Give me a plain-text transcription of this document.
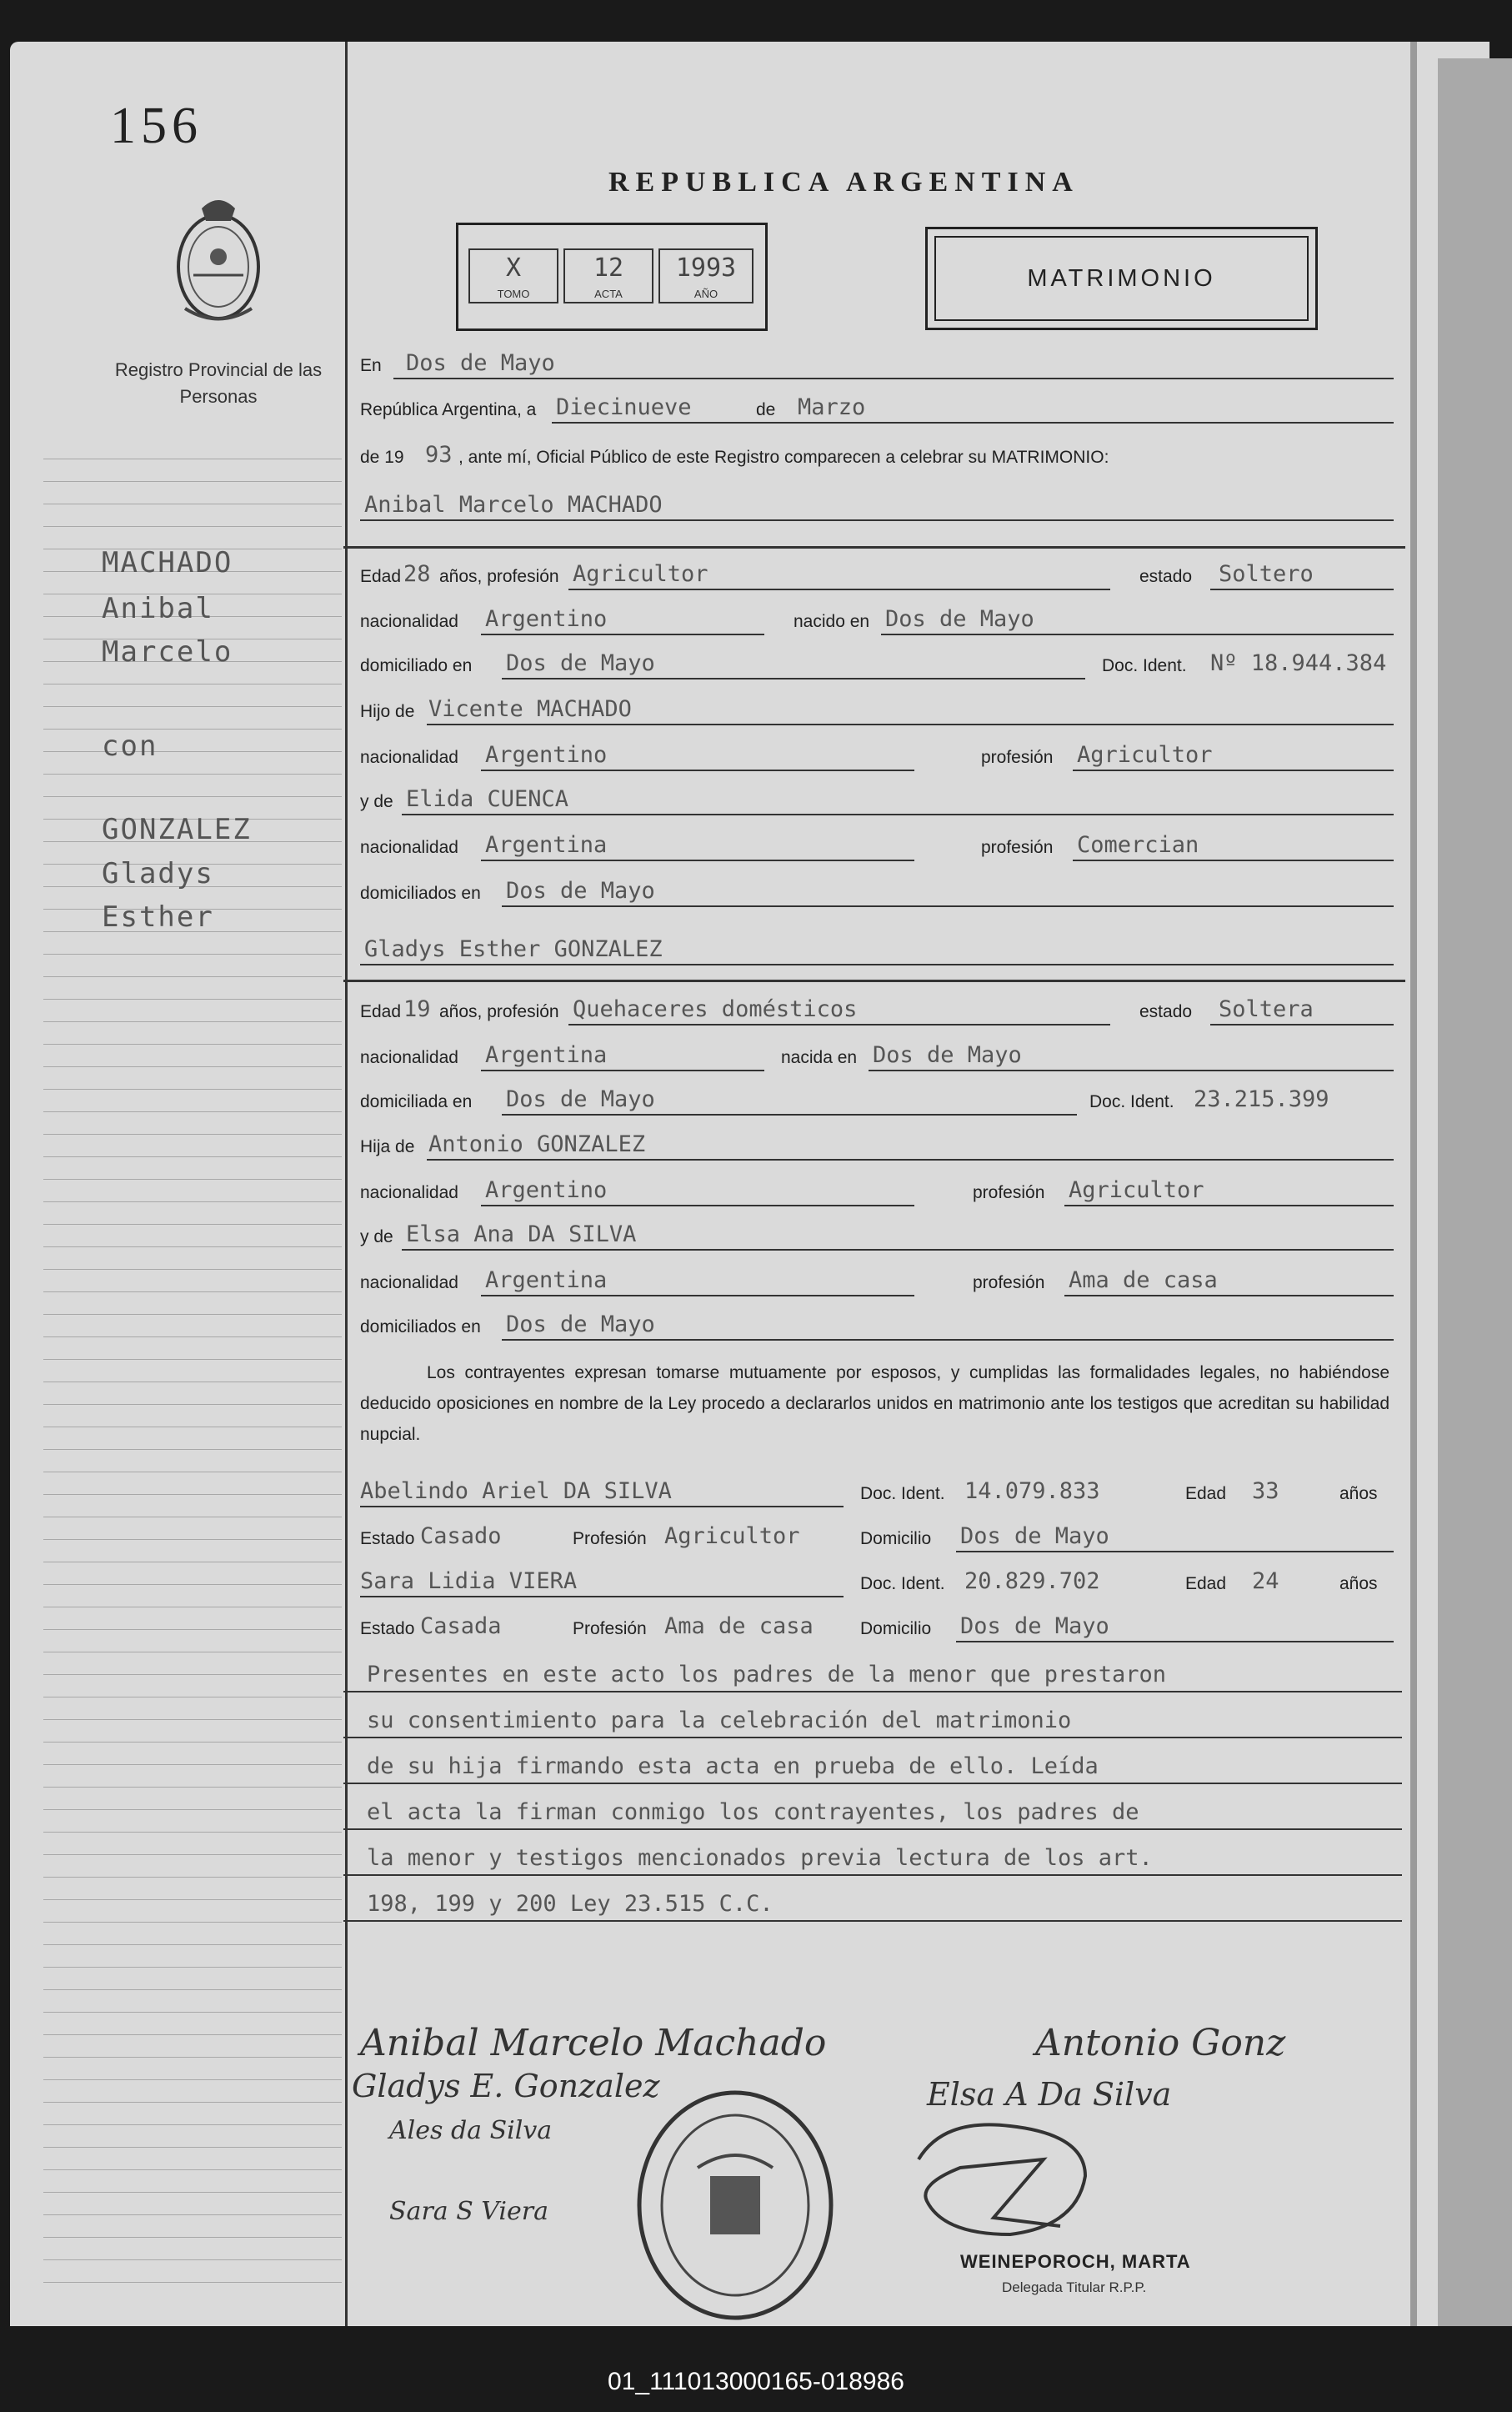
156
Registro Provincial de las Personas
MACHADO
Anibal
Marcelo
con
GONZALEZ
Gladys
Esther
REPUBLICA ARGENTINA
X
TOMO
12
ACTA
1993
AÑO
MATRIMONIO
En Dos de Mayo
República Argentina, a Diecinueve	de Marzo
de 19 93 , ante mí, Oficial Público de este Registro comparecen a celebrar su MATRIMONIO:
Anibal Marcelo MACHADO
Edad 28 años, profesión Agricultor	estado Soltero
nacionalidad Argentino	nacido en Dos de Mayo
domiciliado en Dos de Mayo	Doc. Ident. Nº 18.944.384
Hijo de Vicente MACHADO
nacionalidad Argentino	profesión Agricultor
y de Elida CUENCA
nacionalidad Argentina	profesión Comercian
domiciliados en Dos de Mayo
Gladys Esther GONZALEZ
Edad 19 años, profesión Quehaceres domésticos	estado Soltera
nacionalidad Argentina	nacida en Dos de Mayo
domiciliada en Dos de Mayo	Doc. Ident. 23.215.399
Hija de Antonio GONZALEZ
nacionalidad Argentino	profesión Agricultor
y de Elsa Ana DA SILVA
nacionalidad Argentina	profesión Ama de casa
domiciliados en Dos de Mayo
Los contrayentes expresan tomarse mutuamente por esposos, y cumplidas las formalidades legales, no habiéndose deducido oposiciones en nombre de la Ley procedo a declararlos unidos en matrimonio ante los testigos que acreditan su habilidad nupcial.
Abelindo Ariel DA SILVA	Doc. Ident. 14.079.833	Edad 33	años
Estado Casado	Profesión Agricultor	Domicilio Dos de Mayo
Sara Lidia VIERA	Doc. Ident. 20.829.702	Edad 24	años
Estado Casada	Profesión Ama de casa	Domicilio Dos de Mayo
Presentes en este acto los padres de la menor que prestaron
su consentimiento para la celebración del matrimonio
de su hija firmando esta acta en prueba de ello. Leída
el acta la firman conmigo los contrayentes, los padres de
la menor y testigos mencionados previa lectura de los art.
198, 199 y 200 Ley 23.515 C.C.
Anibal Marcelo Machado
Gladys E. Gonzalez
Ales da Silva
Sara S Viera
Antonio Gonz
Elsa A Da Silva
WEINEPOROCH, MARTA
Delegada Titular R.P.P.
01_111013000165-018986
